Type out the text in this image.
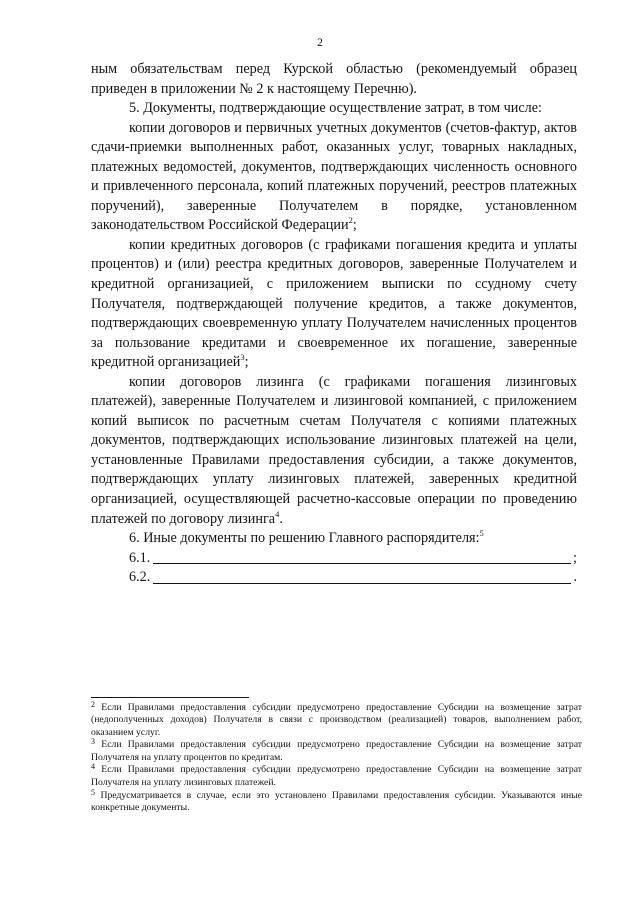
2

ным обязательствам перед Курской областью (рекомендуемый образец приведен в приложении № 2 к настоящему Перечню).

5. Документы, подтверждающие осуществление затрат, в том числе:

копии договоров и первичных учетных документов (счетов-фактур, актов сдачи-приемки выполненных работ, оказанных услуг, товарных накладных, платежных ведомостей, документов, подтверждающих численность основного и привлеченного персонала, копий платежных поручений, реестров платежных поручений), заверенные Получателем в порядке, установленном законодательством Российской Федерации$^2$;

копии кредитных договоров (с графиками погашения кредита и уплаты процентов) и (или) реестра кредитных договоров, заверенные Получателем и кредитной организацией, с приложением выписки по ссудному счету Получателя, подтверждающей получение кредитов, а также документов, подтверждающих своевременную уплату Получателем начисленных процентов за пользование кредитами и своевременное их погашение, заверенные кредитной организацией$^3$;

копии договоров лизинга (с графиками погашения лизинговых платежей), заверенные Получателем и лизинговой компанией, с приложением копий выписок по расчетным счетам Получателя с копиями платежных документов, подтверждающих использование лизинговых платежей на цели, установленные Правилами предоставления субсидии, а также документов, подтверждающих уплату лизинговых платежей, заверенных кредитной организацией, осуществляющей расчетно-кассовые операции по проведению платежей по договору лизинга$^4$.

6. Иные документы по решению Главного распорядителя:$^5$

6.1.	;
6.2.	.

$^2$ Если Правилами предоставления субсидии предусмотрено предоставление Субсидии на возмещение затрат (недополученных доходов) Получателя в связи с производством (реализацией) товаров, выполнением работ, оказанием услуг.

$^3$ Если Правилами предоставления субсидии предусмотрено предоставление Субсидии на возмещение затрат Получателя на уплату процентов по кредитам.

$^4$ Если Правилами предоставления субсидии предусмотрено предоставление Субсидии на возмещение затрат Получателя на уплату лизинговых платежей.

$^5$ Предусматривается в случае, если это установлено Правилами предоставления субсидии. Указываются иные конкретные документы.
